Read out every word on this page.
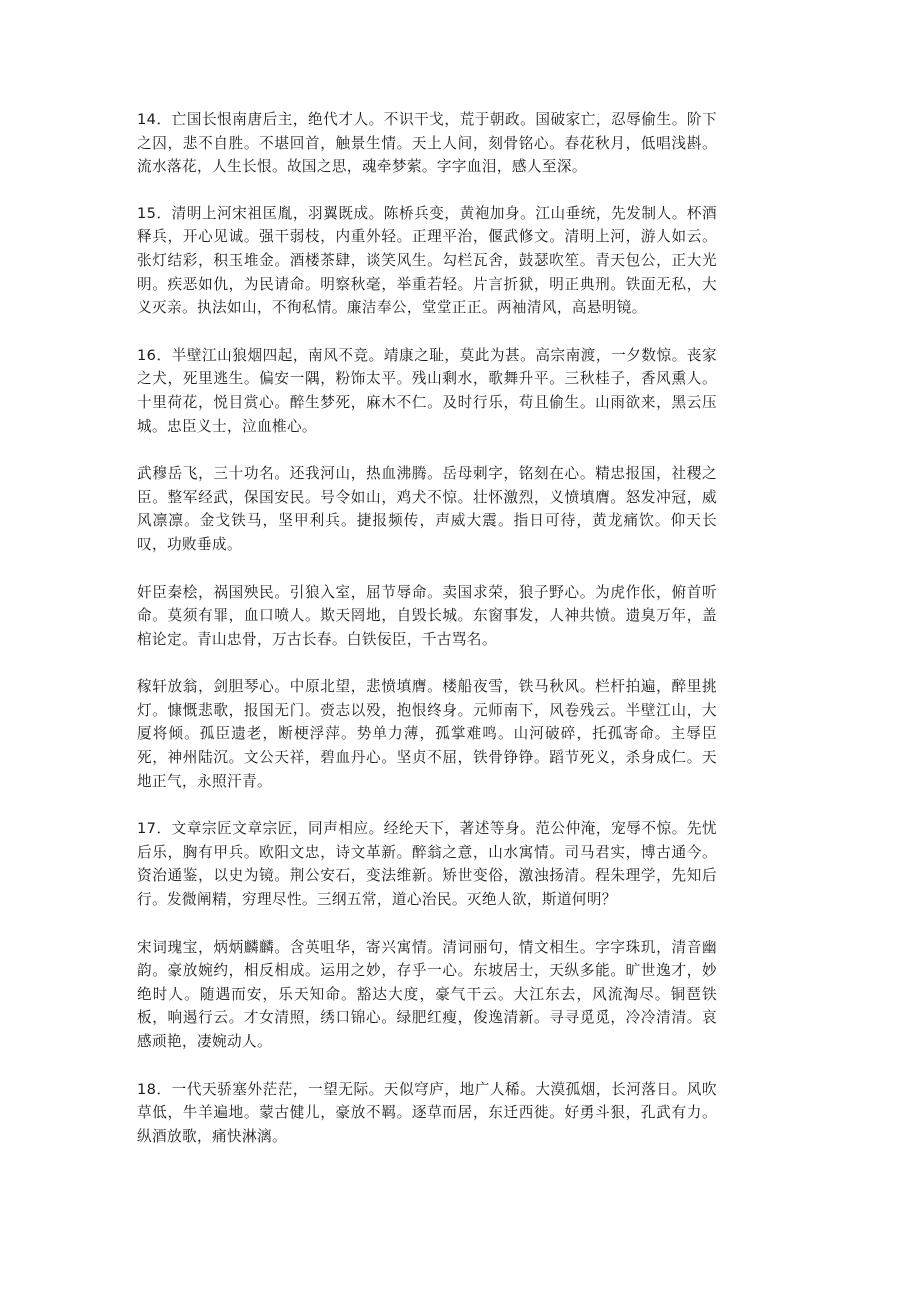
14．亡国长恨南唐后主，绝代才人。不识干戈，荒于朝政。国破家亡，忍辱偷生。阶下之囚，悲不自胜。不堪回首，触景生情。天上人间，刻骨铭心。春花秋月，低唱浅斟。流水落花，人生长恨。故国之思，魂牵梦萦。字字血泪，感人至深。

15．清明上河宋祖匡胤，羽翼既成。陈桥兵变，黄袍加身。江山垂统，先发制人。杯酒释兵，开心见诚。强干弱枝，内重外轻。正理平治，偃武修文。清明上河，游人如云。张灯结彩，积玉堆金。酒楼茶肆，谈笑风生。勾栏瓦舍，鼓瑟吹笙。青天包公，正大光明。疾恶如仇，为民请命。明察秋毫，举重若轻。片言折狱，明正典刑。铁面无私，大义灭亲。执法如山，不徇私情。廉洁奉公，堂堂正正。两袖清风，高悬明镜。

16．半壁江山狼烟四起，南风不竞。靖康之耻，莫此为甚。高宗南渡，一夕数惊。丧家之犬，死里逃生。偏安一隅，粉饰太平。残山剩水，歌舞升平。三秋桂子，香风熏人。十里荷花，悦目赏心。醉生梦死，麻木不仁。及时行乐，苟且偷生。山雨欲来，黑云压城。忠臣义士，泣血椎心。

武穆岳飞，三十功名。还我河山，热血沸腾。岳母刺字，铭刻在心。精忠报国，社稷之臣。整军经武，保国安民。号令如山，鸡犬不惊。壮怀激烈，义愤填膺。怒发冲冠，威风凛凛。金戈铁马，坚甲利兵。捷报频传，声威大震。指日可待，黄龙痛饮。仰天长叹，功败垂成。

奸臣秦桧，祸国殃民。引狼入室，屈节辱命。卖国求荣，狼子野心。为虎作伥，俯首听命。莫须有罪，血口喷人。欺天罔地，自毁长城。东窗事发，人神共愤。遗臭万年，盖棺论定。青山忠骨，万古长春。白铁佞臣，千古骂名。

稼轩放翁，剑胆琴心。中原北望，悲愤填膺。楼船夜雪，铁马秋风。栏杆拍遍，醉里挑灯。慷慨悲歌，报国无门。赍志以殁，抱恨终身。元师南下，风卷残云。半壁江山，大厦将倾。孤臣遗老，断梗浮萍。势单力薄，孤掌难鸣。山河破碎，托孤寄命。主辱臣死，神州陆沉。文公天祥，碧血丹心。坚贞不屈，铁骨铮铮。蹈节死义，杀身成仁。天地正气，永照汗青。

17．文章宗匠文章宗匠，同声相应。经纶天下，著述等身。范公仲淹，宠辱不惊。先忧后乐，胸有甲兵。欧阳文忠，诗文革新。醉翁之意，山水寓情。司马君实，博古通今。资治通鉴，以史为镜。荆公安石，变法维新。矫世变俗，激浊扬清。程朱理学，先知后行。发微阐精，穷理尽性。三纲五常，道心治民。灭绝人欲，斯道何明？

宋词瑰宝，炳炳麟麟。含英咀华，寄兴寓情。清词丽句，情文相生。字字珠玑，清音幽韵。豪放婉约，相反相成。运用之妙，存乎一心。东坡居士，天纵多能。旷世逸才，妙绝时人。随遇而安，乐天知命。豁达大度，豪气干云。大江东去，风流淘尽。铜琶铁板，响遏行云。才女清照，绣口锦心。绿肥红瘦，俊逸清新。寻寻觅觅，冷冷清清。哀感顽艳，凄婉动人。

18．一代天骄塞外茫茫，一望无际。天似穹庐，地广人稀。大漠孤烟，长河落日。风吹草低，牛羊遍地。蒙古健儿，豪放不羁。逐草而居，东迁西徙。好勇斗狠，孔武有力。纵酒放歌，痛快淋漓。
